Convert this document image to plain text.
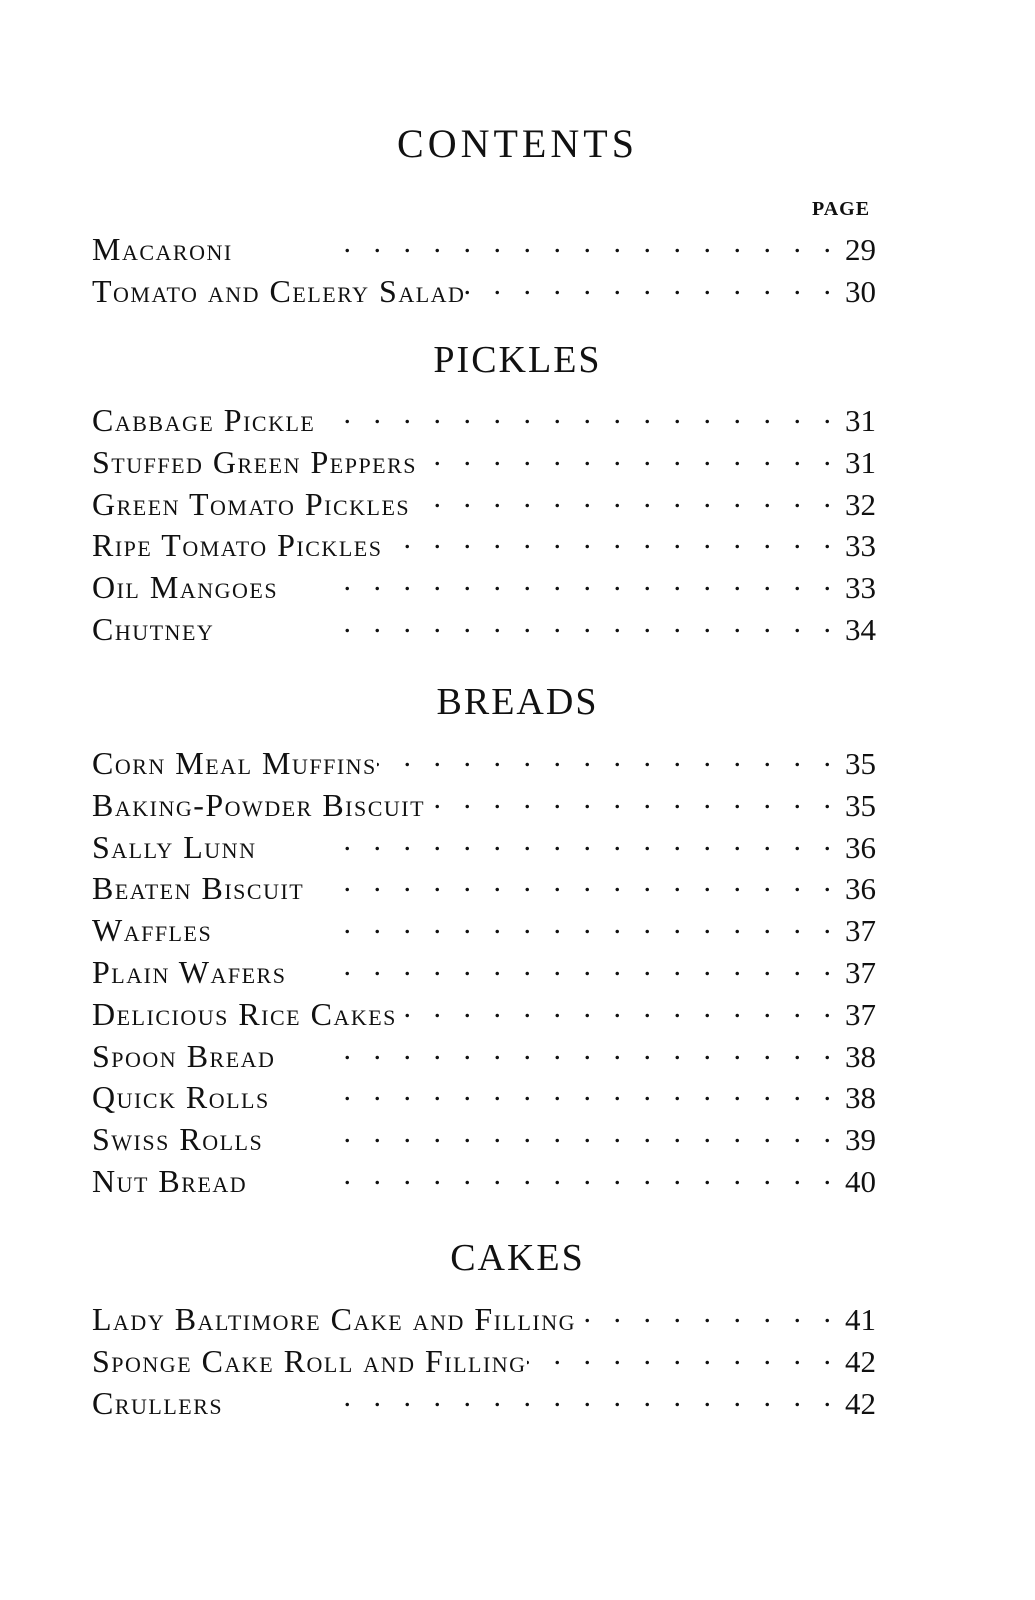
CONTENTS
PAGE
Macaroni .   .	29
Tomato and Celery Salad .   .	30
PICKLES
Cabbage Pickle .   .	31
Stuffed Green Peppers .   .	31
Green Tomato Pickles .   .	32
Ripe Tomato Pickles .   .	33
Oil Mangoes .   .	33
Chutney .   .	34
BREADS
Corn Meal Muffins .   .	35
Baking-Powder Biscuit .   .	35
Sally Lunn .   .	36
Beaten Biscuit .   .	36
Waffles .   .	37
Plain Wafers .   .	37
Delicious Rice Cakes .   .	37
Spoon Bread .   .	38
Quick Rolls .   .	38
Swiss Rolls .   .	39
Nut Bread .   .	40
CAKES
Lady Baltimore Cake and Filling .   .	41
Sponge Cake Roll and Filling .   .	42
Crullers .   .	42
